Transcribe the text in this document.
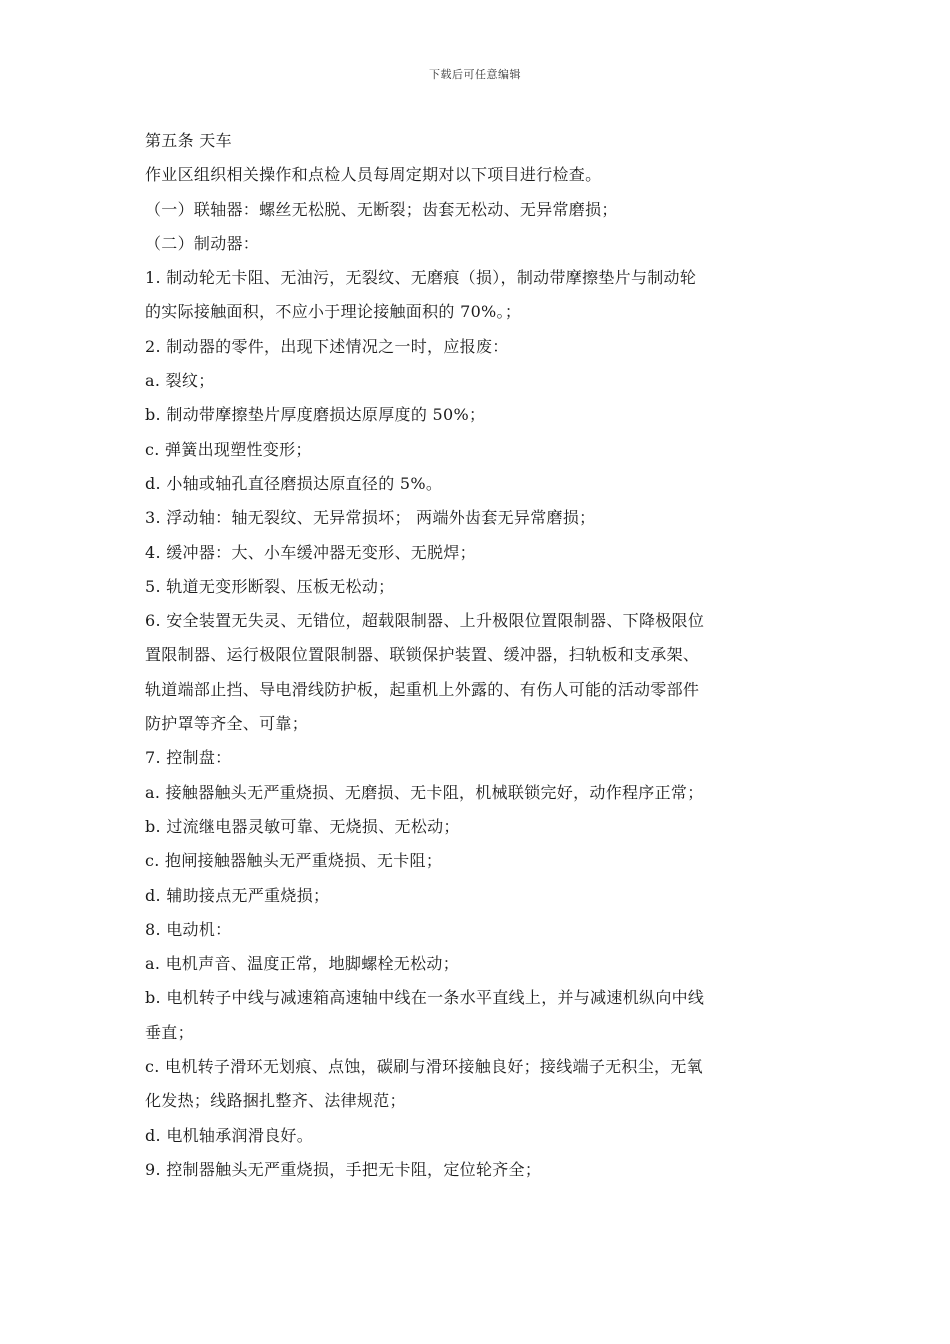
下载后可任意编辑
第五条 天车
作业区组织相关操作和点检人员每周定期对以下项目进行检查。
（一）联轴器：螺丝无松脱、无断裂；齿套无松动、无异常磨损；
（二）制动器：
1. 制动轮无卡阻、无油污，无裂纹、无磨痕（损），制动带摩擦垫片与制动轮
的实际接触面积，不应小于理论接触面积的 70%。；
2. 制动器的零件，出现下述情况之一时，应报废：
a. 裂纹；
b. 制动带摩擦垫片厚度磨损达原厚度的 50%；
c. 弹簧出现塑性变形；
d. 小轴或轴孔直径磨损达原直径的 5%。
3. 浮动轴：轴无裂纹、无异常损坏； 两端外齿套无异常磨损；
4. 缓冲器：大、小车缓冲器无变形、无脱焊；
5. 轨道无变形断裂、压板无松动；
6. 安全装置无失灵、无错位，超载限制器、上升极限位置限制器、下降极限位
置限制器、运行极限位置限制器、联锁保护装置、缓冲器，扫轨板和支承架、
轨道端部止挡、导电滑线防护板，起重机上外露的、有伤人可能的活动零部件
防护罩等齐全、可靠；
7. 控制盘：
a. 接触器触头无严重烧损、无磨损、无卡阻，机械联锁完好，动作程序正常；
b. 过流继电器灵敏可靠、无烧损、无松动；
c. 抱闸接触器触头无严重烧损、无卡阻；
d. 辅助接点无严重烧损；
8. 电动机：
a. 电机声音、温度正常，地脚螺栓无松动；
b. 电机转子中线与减速箱高速轴中线在一条水平直线上，并与减速机纵向中线
垂直；
c. 电机转子滑环无划痕、点蚀，碳刷与滑环接触良好；接线端子无积尘，无氧
化发热；线路捆扎整齐、法律规范；
d. 电机轴承润滑良好。
9. 控制器触头无严重烧损，手把无卡阻，定位轮齐全；
